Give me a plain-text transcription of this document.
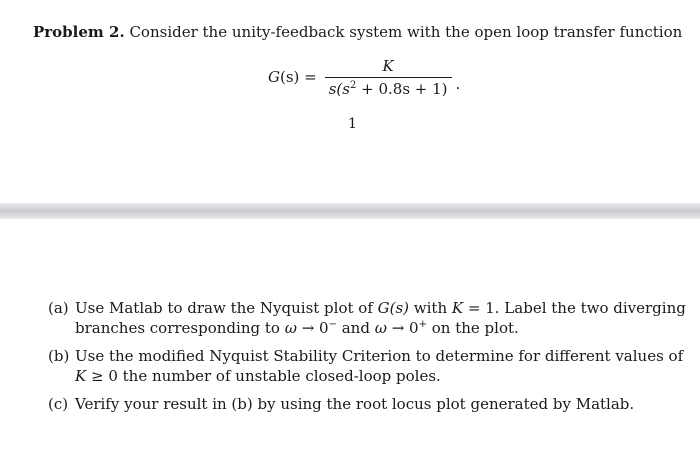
Problem 2. Consider the unity-feedback system with the open loop transfer function
$G(s) = \frac{K}{s(s^2 + 0.8s + 1)}$ .
1
(a) Use Matlab to draw the Nyquist plot of G(s) with K = 1. Label the two diverging branches corresponding to ω → 0− and ω → 0+ on the plot.
(b) Use the modified Nyquist Stability Criterion to determine for different values of K ≥ 0 the number of unstable closed-loop poles.
(c) Verify your result in (b) by using the root locus plot generated by Matlab.
